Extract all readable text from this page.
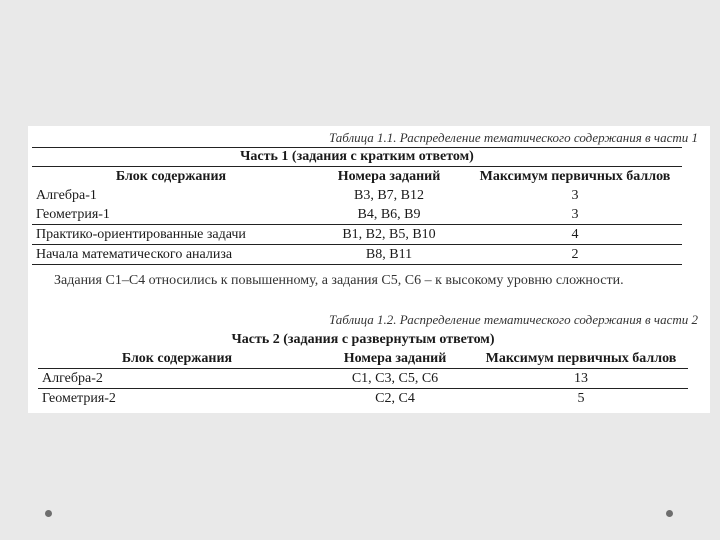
Таблица 1.1. Распределение тематического содержания в части 1
Часть 1 (задания с кратким ответом)		
Блок содержания	Номера заданий	Максимум первичных баллов
Алгебра-1	В3, В7, В12	3
Геометрия-1	В4, В6, В9	3
Практико-ориентированные задачи	В1, В2, В5, В10	4
Начала математического анализа	В8, В11	2
Задания С1–С4 относились к повышенному, а задания С5, С6 – к высокому уровню сложности.
Таблица 1.2. Распределение тематического содержания в части 2
Часть 2 (задания с развернутым ответом)		
Блок содержания	Номера заданий	Максимум первичных баллов
Алгебра-2	С1, С3, С5, С6	13
Геометрия-2	С2, С4	5
